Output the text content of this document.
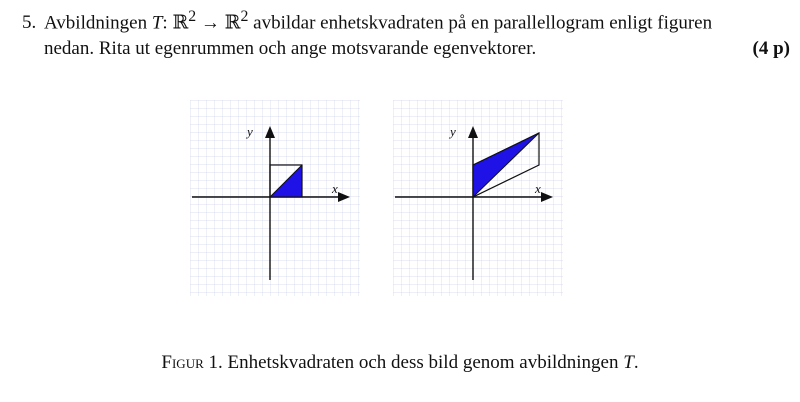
5. Avbildningen T: ℝ$^2$ → ℝ$^2$ avbildar enhetskvadraten på en parallellogram enligt figuren
nedan. Rita ut egenrummen och ange motsvarande egenvektorer.	(4 p)
y
x
y
x
Figur 1. Enhetskvadraten och dess bild genom avbildningen T.
